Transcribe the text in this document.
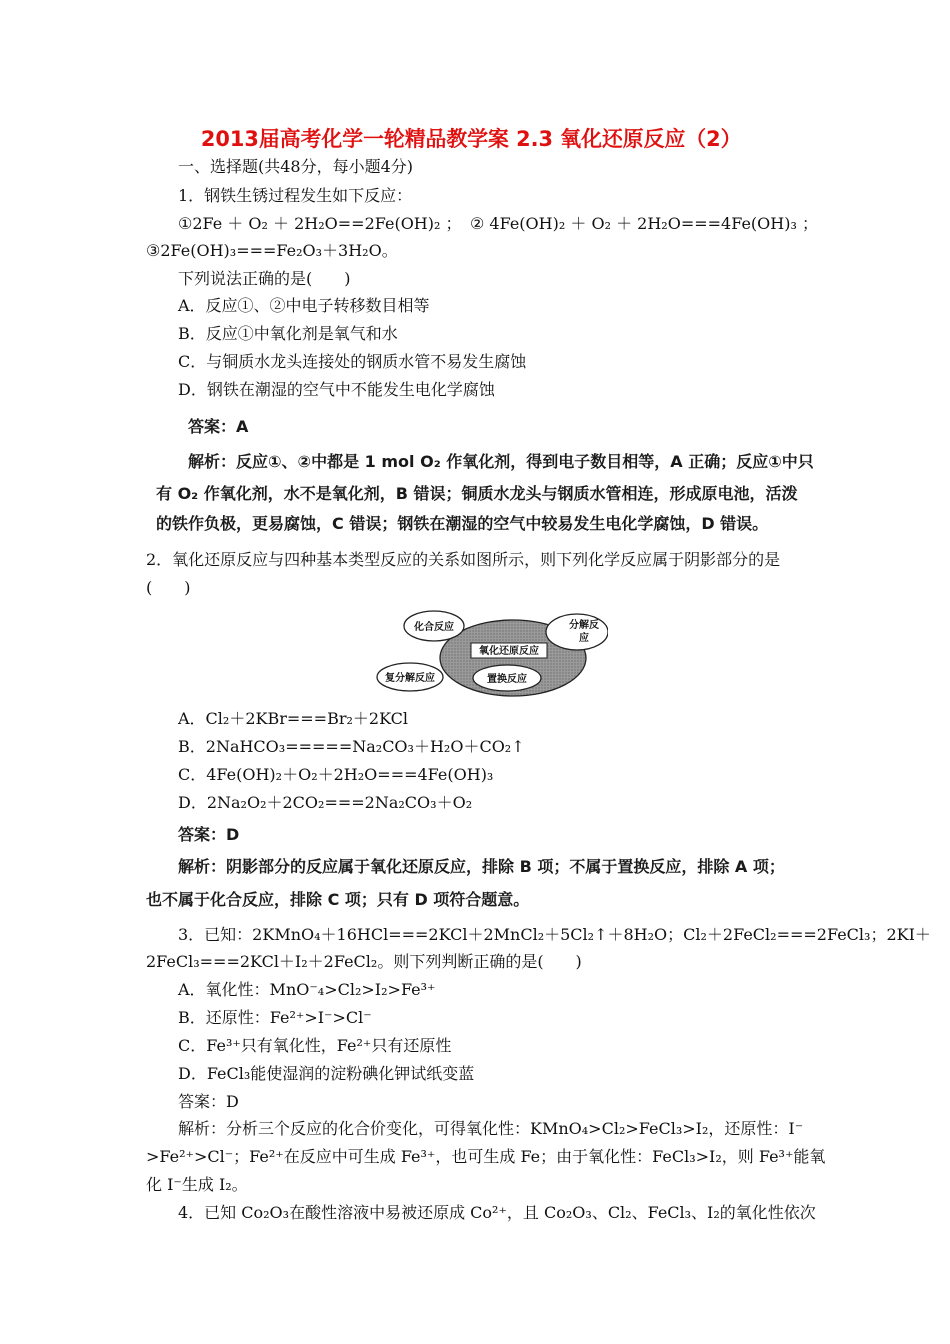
2013届高考化学一轮精品教学案 2.3 氧化还原反应（2）
一、选择题(共48分，每小题4分)
1．钢铁生锈过程发生如下反应：
①2Fe ＋ O₂ ＋ 2H₂O==2Fe(OH)₂ ； ② 4Fe(OH)₂ ＋ O₂ ＋ 2H₂O===4Fe(OH)₃ ；
③2Fe(OH)₃===Fe₂O₃＋3H₂O。
下列说法正确的是(　　)
A．反应①、②中电子转移数目相等
B．反应①中氧化剂是氧气和水
C．与铜质水龙头连接处的钢质水管不易发生腐蚀
D．钢铁在潮湿的空气中不能发生电化学腐蚀
答案：A
解析：反应①、②中都是 1 mol O₂ 作氧化剂，得到电子数目相等，A 正确；反应①中只
有 O₂ 作氧化剂，水不是氧化剂，B 错误；铜质水龙头与钢质水管相连，形成原电池，活泼
的铁作负极，更易腐蚀，C 错误；钢铁在潮湿的空气中较易发生电化学腐蚀，D 错误。
2．氧化还原反应与四种基本类型反应的关系如图所示，则下列化学反应属于阴影部分的是
(　　)
化合反应	分解反
应
氧化还原反应
复分解反应	置换反应
A．Cl₂＋2KBr===Br₂＋2KCl
B．2NaHCO₃=====Na₂CO₃＋H₂O＋CO₂↑
C．4Fe(OH)₂＋O₂＋2H₂O===4Fe(OH)₃
D．2Na₂O₂＋2CO₂===2Na₂CO₃＋O₂
答案：D
解析：阴影部分的反应属于氧化还原反应，排除 B 项；不属于置换反应，排除 A 项；
也不属于化合反应，排除 C 项；只有 D 项符合题意。
3．已知：2KMnO₄＋16HCl===2KCl＋2MnCl₂＋5Cl₂↑＋8H₂O；Cl₂＋2FeCl₂===2FeCl₃；2KI＋
2FeCl₃===2KCl＋I₂＋2FeCl₂。则下列判断正确的是(　　)
A．氧化性：MnO⁻₄>Cl₂>I₂>Fe³⁺
B．还原性：Fe²⁺>I⁻>Cl⁻
C．Fe³⁺只有氧化性，Fe²⁺只有还原性
D．FeCl₃能使湿润的淀粉碘化钾试纸变蓝
答案：D
解析：分析三个反应的化合价变化，可得氧化性：KMnO₄>Cl₂>FeCl₃>I₂，还原性：I⁻
>Fe²⁺>Cl⁻；Fe²⁺在反应中可生成 Fe³⁺，也可生成 Fe；由于氧化性：FeCl₃>I₂，则 Fe³⁺能氧
化 I⁻生成 I₂。
4．已知 Co₂O₃在酸性溶液中易被还原成 Co²⁺，且 Co₂O₃、Cl₂、FeCl₃、I₂的氧化性依次
